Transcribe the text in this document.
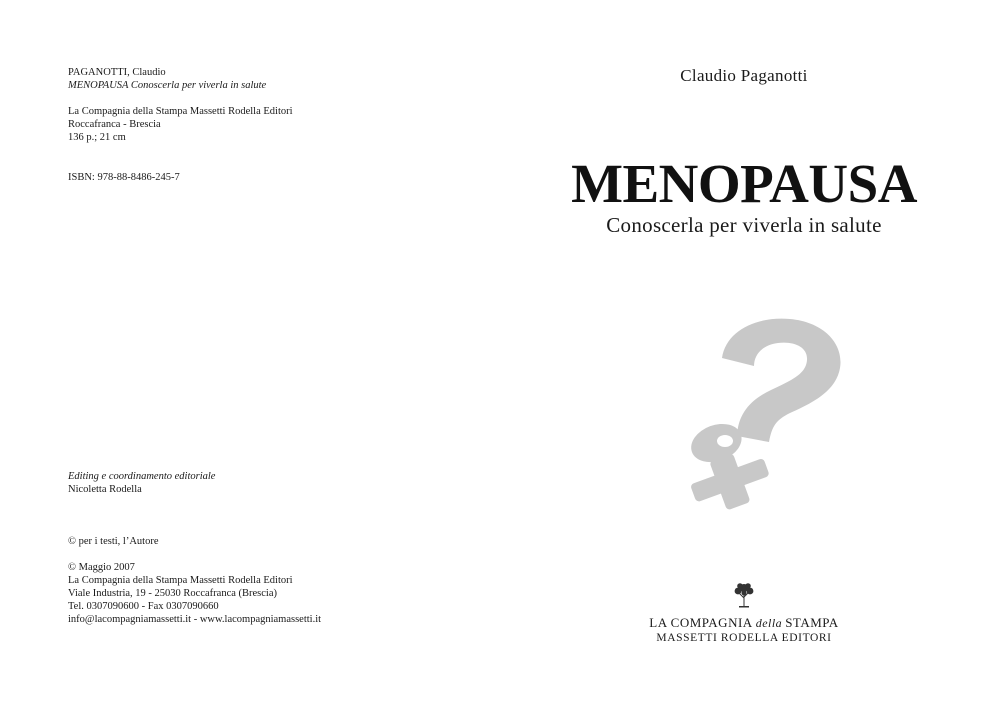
PAGANOTTI, Claudio

MENOPAUSA Conoscerla per viverla in salute

La Compagnia della Stampa Massetti Rodella Editori

Roccafranca - Brescia

136 p.; 21 cm

ISBN: 978-88-8486-245-7

Editing e coordinamento editoriale

Nicoletta Rodella

© per i testi, l’Autore

© Maggio 2007

La Compagnia della Stampa Massetti Rodella Editori

Viale Industria, 19 - 25030 Roccafranca (Brescia)

Tel. 0307090600 - Fax 0307090660

info@lacompagniamassetti.it - www.lacompagniamassetti.it

Claudio Paganotti
MENOPAUSA
Conoscerla per viverla in salute
LA COMPAGNIA della STAMPA
MASSETTI RODELLA EDITORI
